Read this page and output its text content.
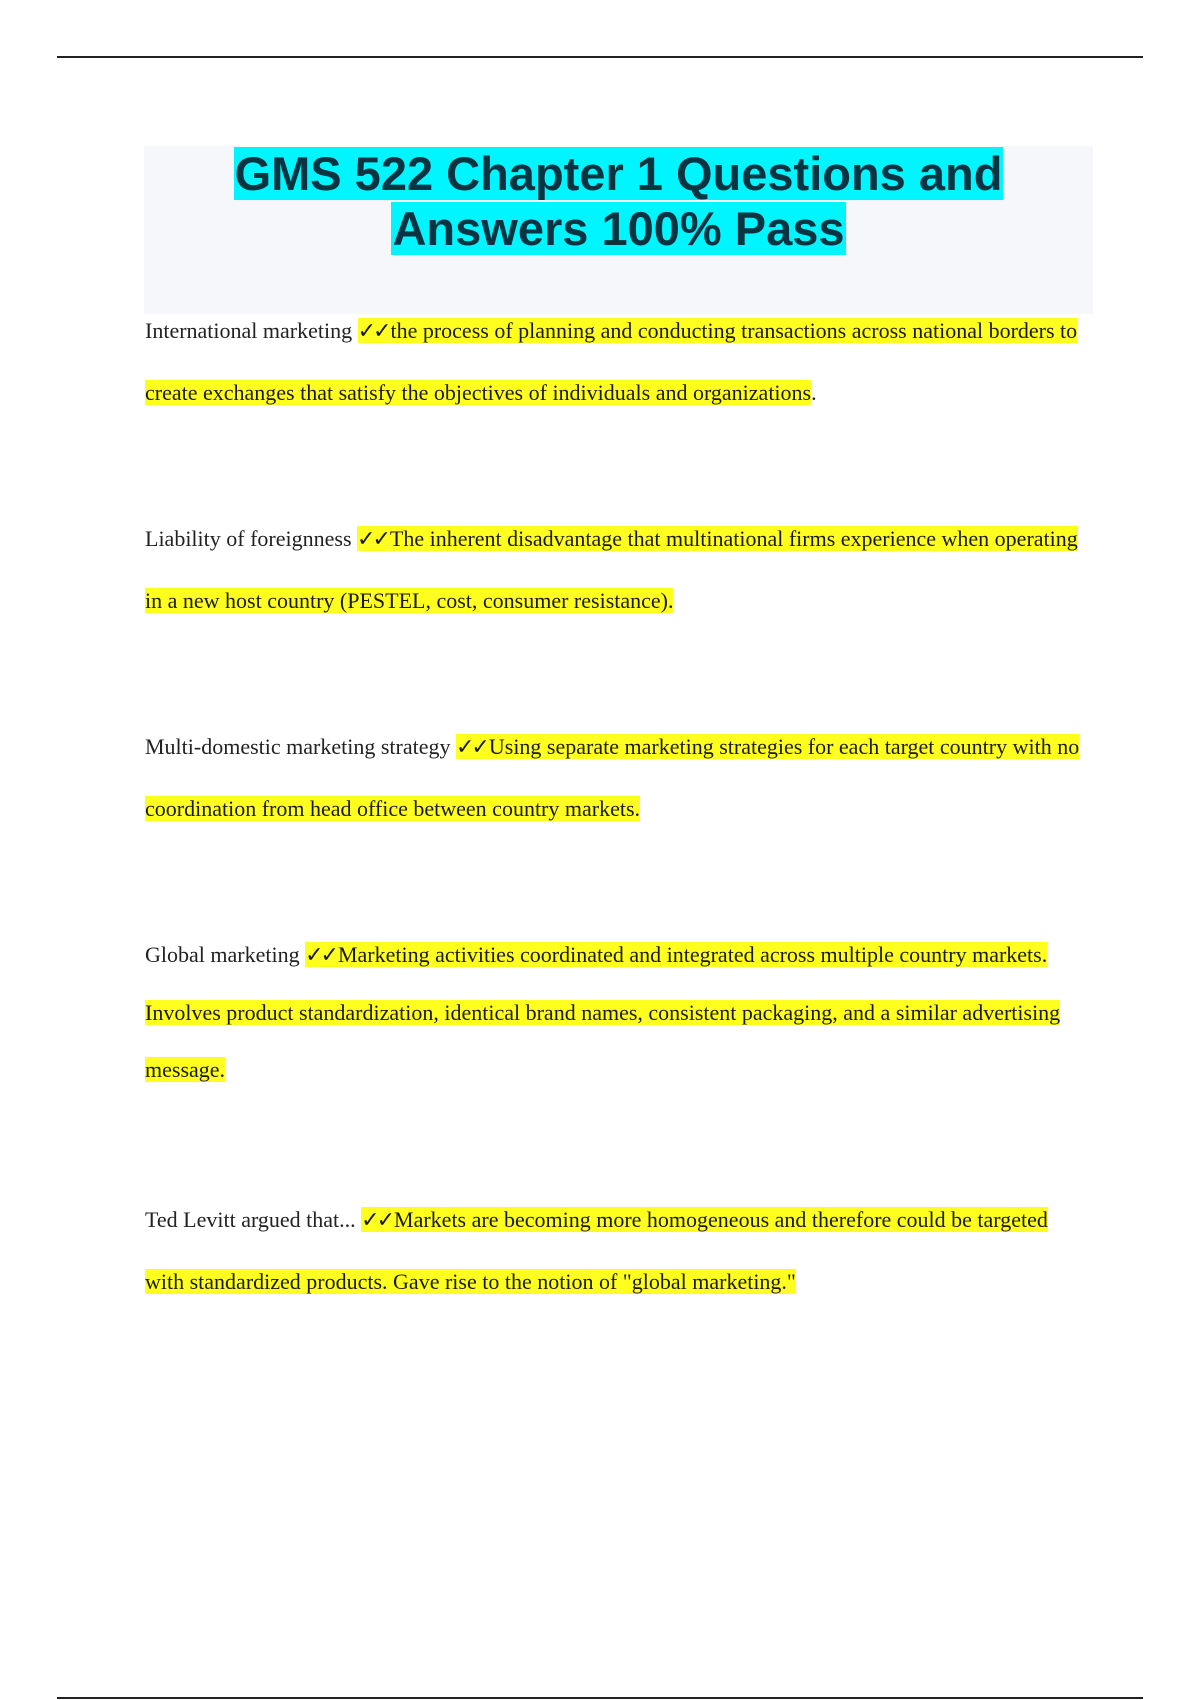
GMS 522 Chapter 1 Questions and
Answers 100% Pass

International marketing ✓✓the process of planning and conducting transactions across national borders to create exchanges that satisfy the objectives of individuals and organizations.

Liability of foreignness ✓✓The inherent disadvantage that multinational firms experience when operating in a new host country (PESTEL, cost, consumer resistance).

Multi-domestic marketing strategy ✓✓Using separate marketing strategies for each target country with no coordination from head office between country markets.

Global marketing ✓✓Marketing activities coordinated and integrated across multiple country markets. Involves product standardization, identical brand names, consistent packaging, and a similar advertising message.

Ted Levitt argued that... ✓✓Markets are becoming more homogeneous and therefore could be targeted with standardized products. Gave rise to the notion of "global marketing."
